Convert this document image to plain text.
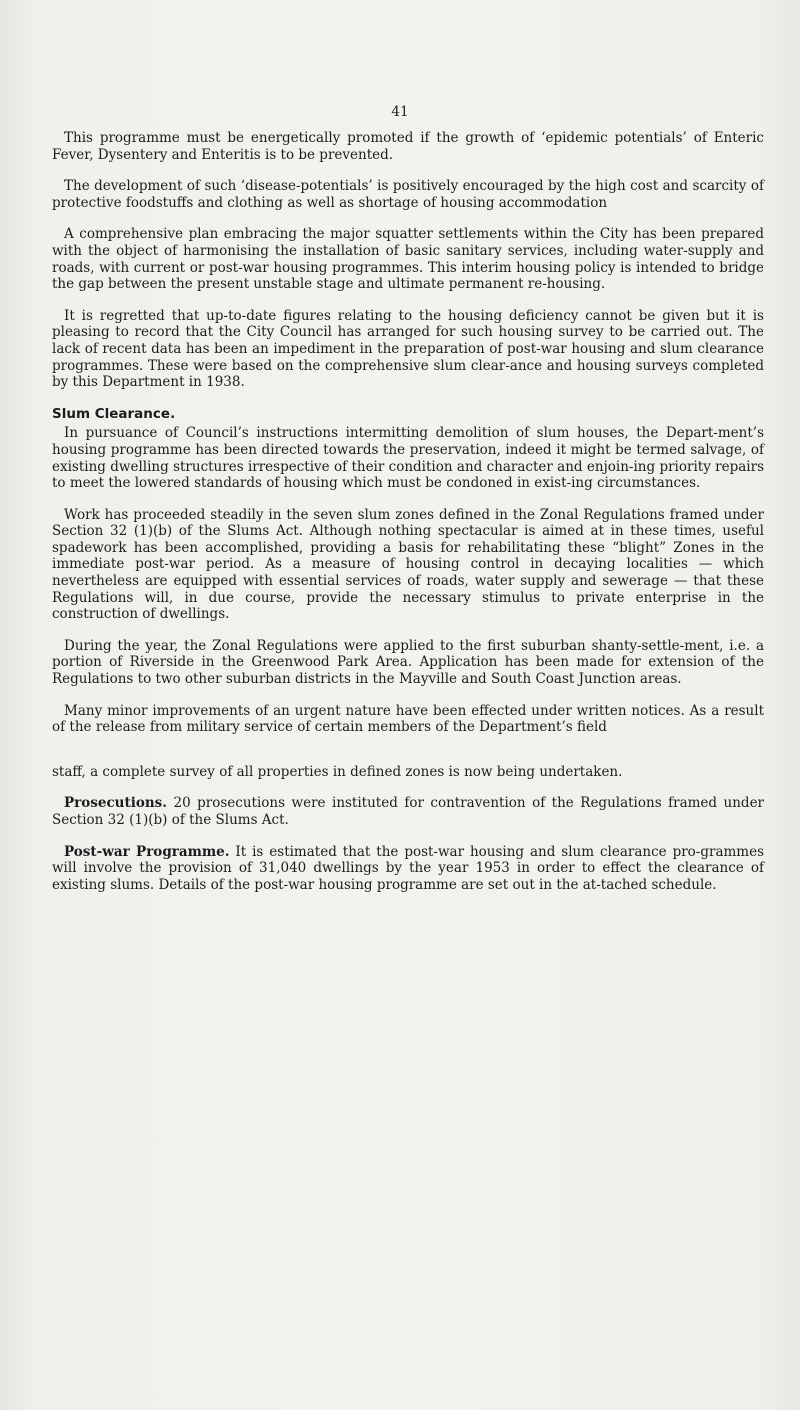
41

This programme must be energetically promoted if the growth of ‘epidemic potentials’ of Enteric Fever, Dysentery and Enteritis is to be prevented.

The development of such ‘disease-potentials’ is positively encouraged by the high cost and scarcity of protective foodstuffs and clothing as well as shortage of housing accommodation

A comprehensive plan embracing the major squatter settlements within the City has been prepared with the object of harmonising the installation of basic sanitary services, including water-supply and roads, with current or post-war housing programmes. This interim housing policy is intended to bridge the gap between the present unstable stage and ultimate permanent re-housing.

It is regretted that up-to-date figures relating to the housing deficiency cannot be given but it is pleasing to record that the City Council has arranged for such housing survey to be carried out. The lack of recent data has been an impediment in the preparation of post-war housing and slum clearance programmes. These were based on the comprehensive slum clear-ance and housing surveys completed by this Department in 1938.

Slum Clearance.

In pursuance of Council’s instructions intermitting demolition of slum houses, the Depart-ment’s housing programme has been directed towards the preservation, indeed it might be termed salvage, of existing dwelling structures irrespective of their condition and character and enjoin-ing priority repairs to meet the lowered standards of housing which must be condoned in exist-ing circumstances.

Work has proceeded steadily in the seven slum zones defined in the Zonal Regulations framed under Section 32 (1)(b) of the Slums Act. Although nothing spectacular is aimed at in these times, useful spadework has been accomplished, providing a basis for rehabilitating these “blight” Zones in the immediate post-war period. As a measure of housing control in decaying localities — which nevertheless are equipped with essential services of roads, water supply and sewerage — that these Regulations will, in due course, provide the necessary stimulus to private enterprise in the construction of dwellings.

During the year, the Zonal Regulations were applied to the first suburban shanty-settle-ment, i.e. a portion of Riverside in the Greenwood Park Area. Application has been made for extension of the Regulations to two other suburban districts in the Mayville and South Coast Junction areas.

Many minor improvements of an urgent nature have been effected under written notices. As a result of the release from military service of certain members of the Department’s field

staff, a complete survey of all properties in defined zones is now being undertaken.

Prosecutions. 20 prosecutions were instituted for contravention of the Regulations framed under Section 32 (1)(b) of the Slums Act.

Post-war Programme. It is estimated that the post-war housing and slum clearance pro-grammes will involve the provision of 31,040 dwellings by the year 1953 in order to effect the clearance of existing slums. Details of the post-war housing programme are set out in the at-tached schedule.
